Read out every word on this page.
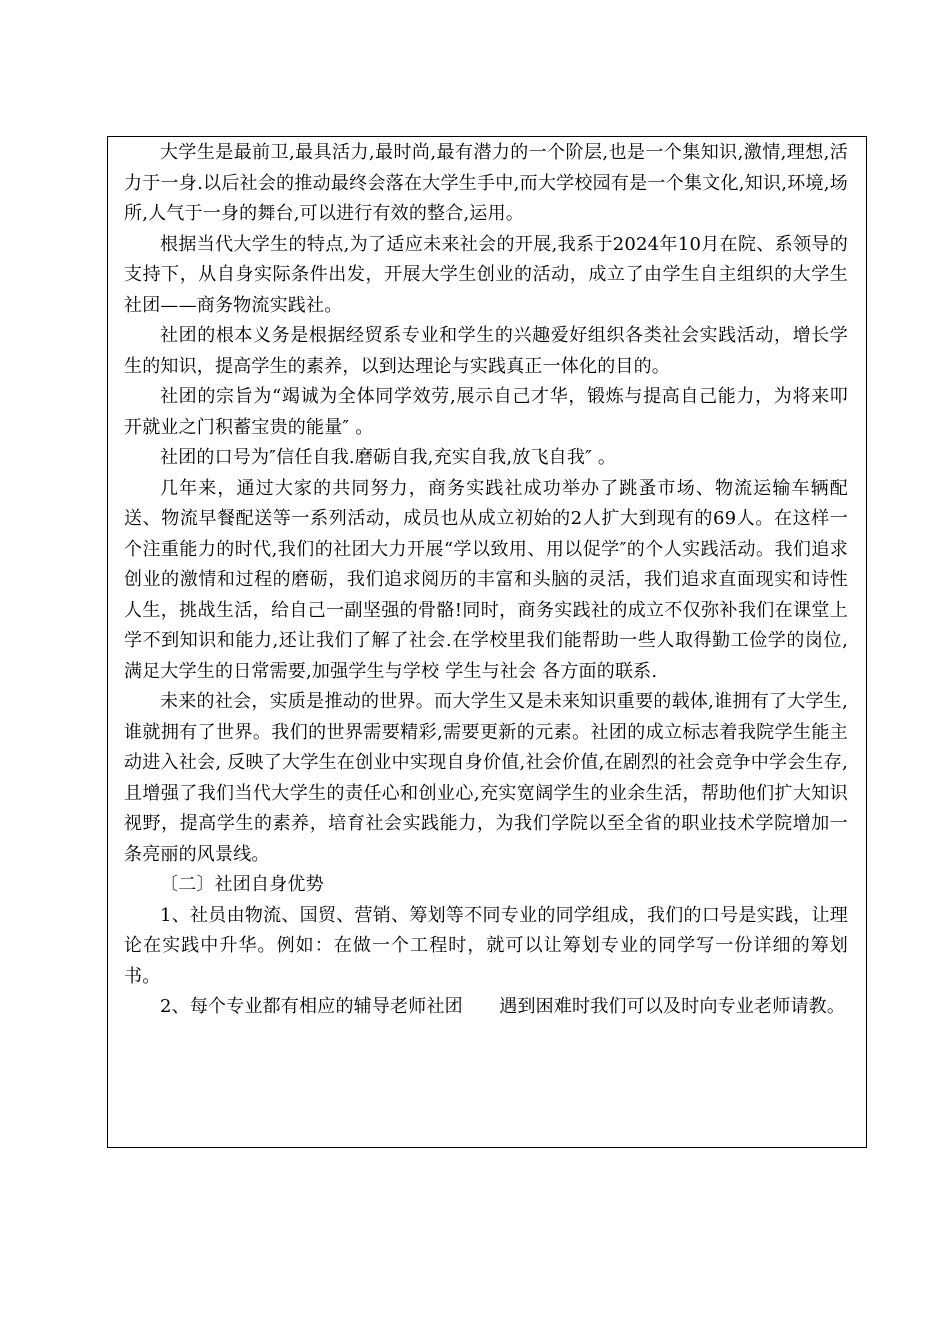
大学生是最前卫,最具活力,最时尚,最有潜力的一个阶层,也是一个集知识,激情,理想,活力于一身.以后社会的推动最终会落在大学生手中,而大学校园有是一个集文化,知识,环境,场所,人气于一身的舞台,可以进行有效的整合,运用。

根据当代大学生的特点,为了适应未来社会的开展,我系于2024年10月在院、系领导的支持下，从自身实际条件出发，开展大学生创业的活动，成立了由学生自主组织的大学生社团——商务物流实践社。

社团的根本义务是根据经贸系专业和学生的兴趣爱好组织各类社会实践活动，增长学生的知识，提高学生的素养，以到达理论与实践真正一体化的目的。

社团的宗旨为“竭诚为全体同学效劳,展示自己才华，锻炼与提高自己能力，为将来叩开就业之门积蓄宝贵的能量″ 。

社团的口号为″信任自我.磨砺自我,充实自我,放飞自我″ 。

几年来，通过大家的共同努力，商务实践社成功举办了跳蚤市场、物流运输车辆配送、物流早餐配送等一系列活动，成员也从成立初始的2人扩大到现有的69人。在这样一个注重能力的时代,我们的社团大力开展“学以致用、用以促学″的个人实践活动。我们追求创业的激情和过程的磨砺，我们追求阅历的丰富和头脑的灵活，我们追求直面现实和诗性人生，挑战生活，给自己一副坚强的骨骼!同时，商务实践社的成立不仅弥补我们在课堂上学不到知识和能力,还让我们了解了社会.在学校里我们能帮助一些人取得勤工俭学的岗位,满足大学生的日常需要,加强学生与学校 学生与社会 各方面的联系.

未来的社会，实质是推动的世界。而大学生又是未来知识重要的载体,谁拥有了大学生,谁就拥有了世界。我们的世界需要精彩,需要更新的元素。社团的成立标志着我院学生能主动进入社会, 反映了大学生在创业中实现自身价值,社会价值,在剧烈的社会竞争中学会生存,且增强了我们当代大学生的责任心和创业心,充实宽阔学生的业余生活，帮助他们扩大知识视野，提高学生的素养，培育社会实践能力，为我们学院以至全省的职业技术学院增加一条亮丽的风景线。

〔二〕社团自身优势

1、社员由物流、国贸、营销、筹划等不同专业的同学组成，我们的口号是实践，让理论在实践中升华。例如：在做一个工程时，就可以让筹划专业的同学写一份详细的筹划书。

2、每个专业都有相应的辅导老师社团　　遇到困难时我们可以及时向专业老师请教。
